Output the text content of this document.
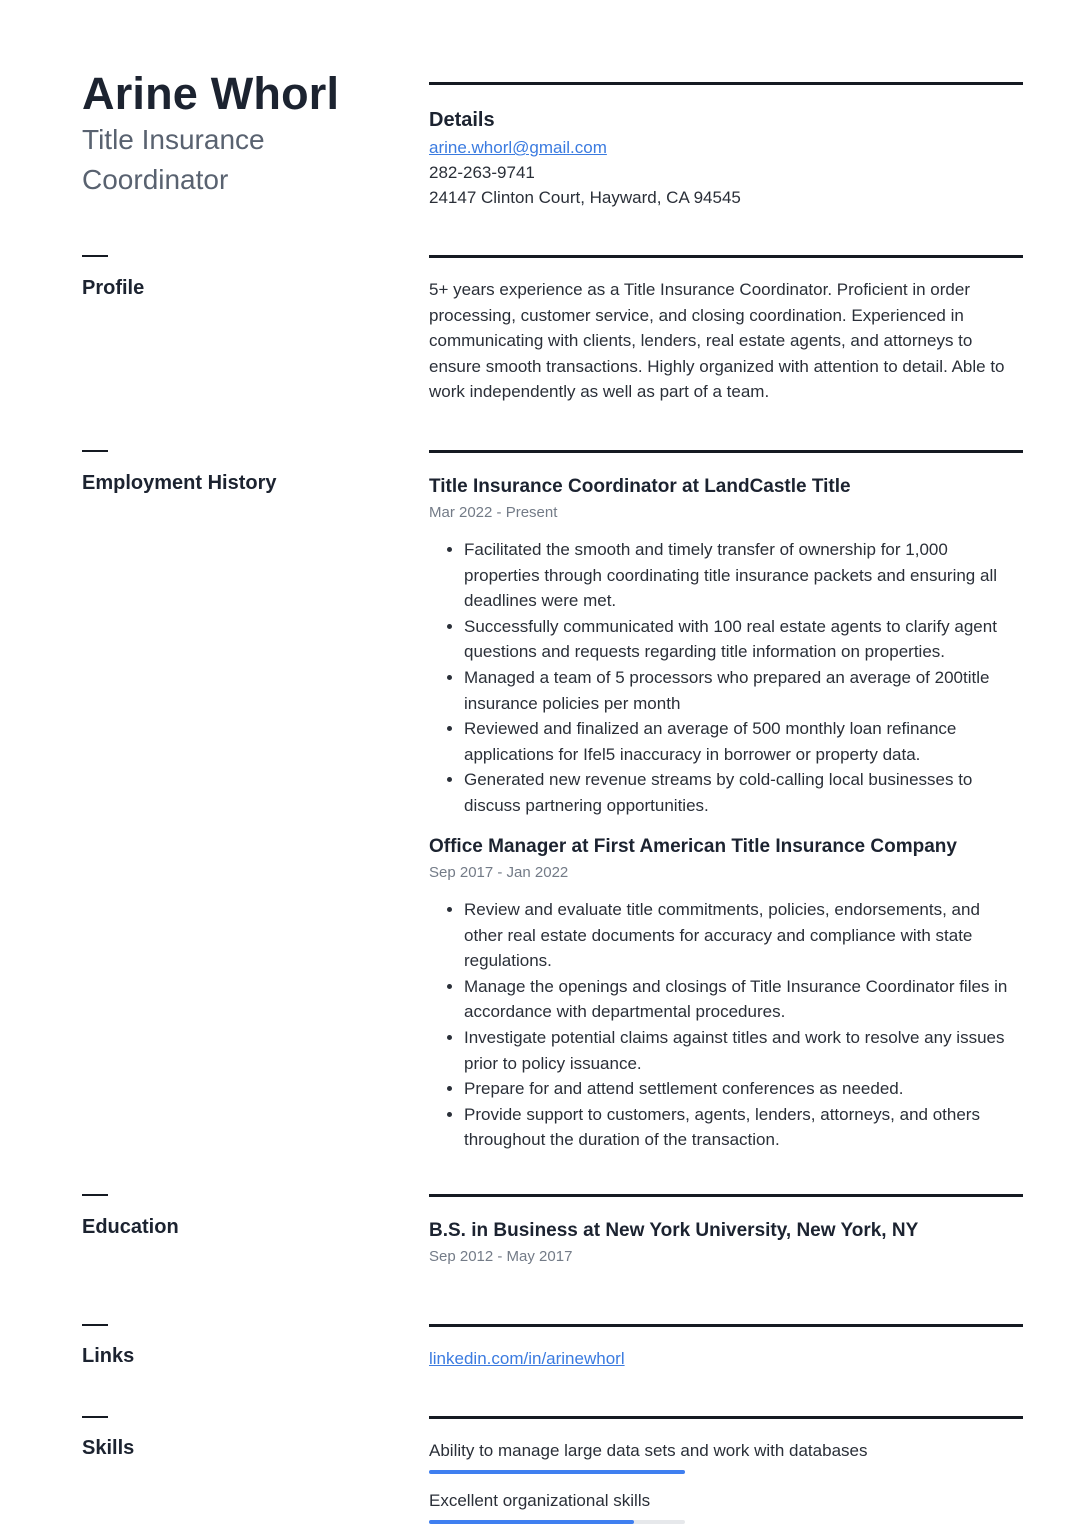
Arine Whorl
Title Insurance Coordinator
Details
arine.whorl@gmail.com
282-263-9741
24147 Clinton Court, Hayward, CA 94545
Profile	5+ years experience as a Title Insurance Coordinator. Proficient in order processing, customer service, and closing coordination. Experienced in communicating with clients, lenders, real estate agents, and attorneys to ensure smooth transactions. Highly organized with attention to detail. Able to work independently as well as part of a team.

Employment History	Title Insurance Coordinator at LandCastle Title
Mar 2022 - Present
• Facilitated the smooth and timely transfer of ownership for 1,000 properties through coordinating title insurance packets and ensuring all deadlines were met.
• Successfully communicated with 100 real estate agents to clarify agent questions and requests regarding title information on properties.
• Managed a team of 5 processors who prepared an average of 200title insurance policies per month
• Reviewed and finalized an average of 500 monthly loan refinance applications for Ifel5 inaccuracy in borrower or property data.
• Generated new revenue streams by cold-calling local businesses to discuss partnering opportunities.
Office Manager at First American Title Insurance Company
Sep 2017 - Jan 2022
• Review and evaluate title commitments, policies, endorsements, and other real estate documents for accuracy and compliance with state regulations.
• Manage the openings and closings of Title Insurance Coordinator files in accordance with departmental procedures.
• Investigate potential claims against titles and work to resolve any issues prior to policy issuance.
• Prepare for and attend settlement conferences as needed.
• Provide support to customers, agents, lenders, attorneys, and others throughout the duration of the transaction.
Education	B.S. in Business at New York University, New York, NY
Sep 2012 - May 2017
Links	linkedin.com/in/arinewhorl
Skills	Ability to manage large data sets and work with databases
Excellent organizational skills
